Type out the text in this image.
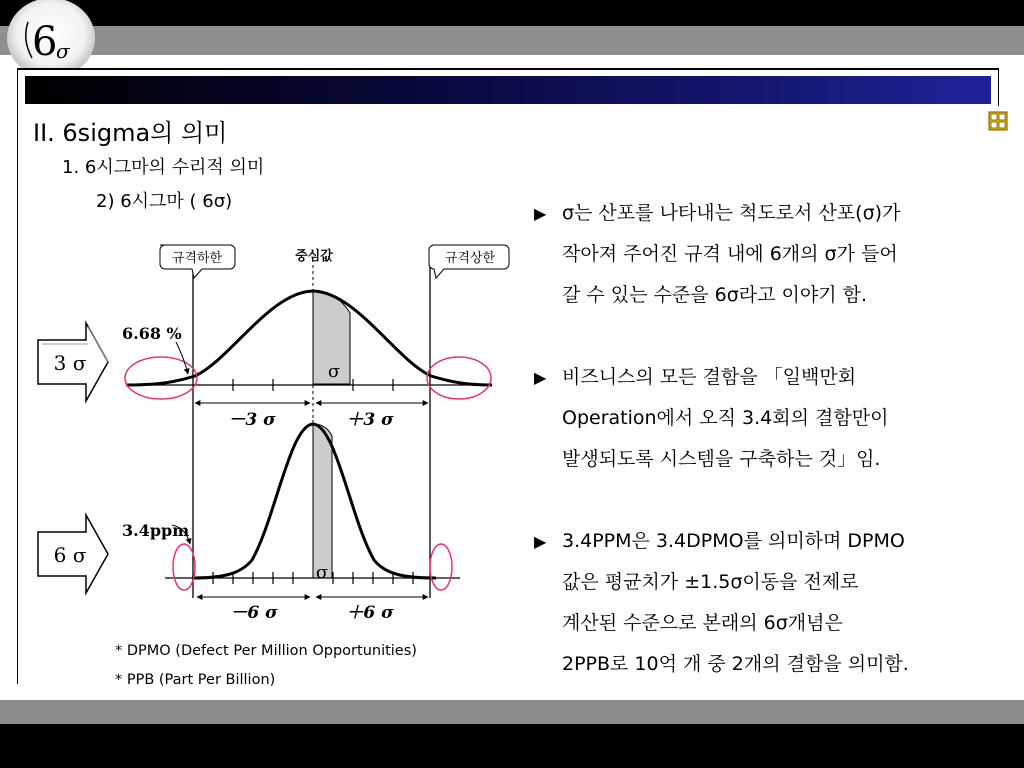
6
σ
II. 6sigma의 의미
1. 6시그마의 수리적 의미
2) 6시그마 ( 6σ)
규격하한	중심값	규격상한
σ
6.68 %
－3 σ	＋3 σ
σ
3.4ppm
－6 σ	＋6 σ
3 σ
6 σ
* DPMO (Defect Per Million Opportunities)
* PPB (Part Per Billion)
▶ σ는 산포를 나타내는 척도로서 산포(σ)가
작아져 주어진 규격 내에 6개의 σ가 들어
갈 수 있는 수준을 6σ라고 이야기 함.
▶ 비즈니스의 모든 결함을 「일백만회
Operation에서 오직 3.4회의 결함만이
발생되도록 시스템을 구축하는 것」임.
▶ 3.4PPM은 3.4DPMO를 의미하며 DPMO
값은 평균치가 ±1.5σ이동을 전제로
계산된 수준으로 본래의 6σ개념은
2PPB로 10억 개 중 2개의 결함을 의미함.
